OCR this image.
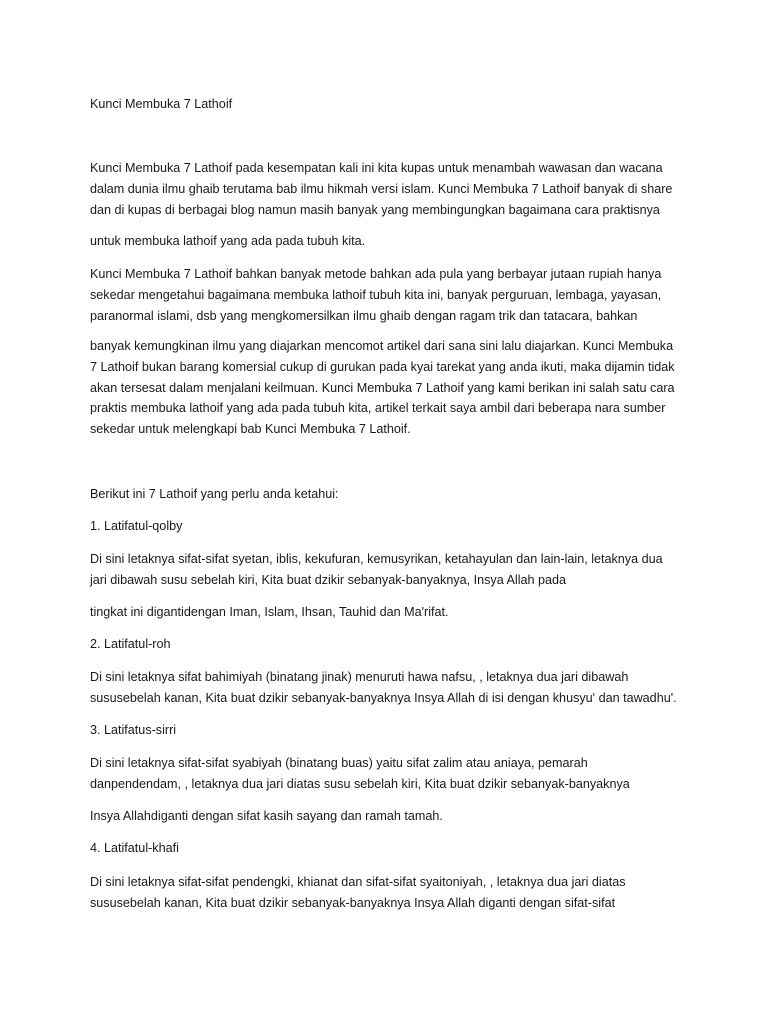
Kunci Membuka 7 Lathoif

Kunci Membuka 7 Lathoif pada kesempatan kali ini kita kupas untuk menambah wawasan dan wacana
dalam dunia ilmu ghaib terutama bab ilmu hikmah versi islam. Kunci Membuka 7 Lathoif banyak di share
dan di kupas di berbagai blog namun masih banyak yang membingungkan bagaimana cara praktisnya

untuk membuka lathoif yang ada pada tubuh kita.

Kunci Membuka 7 Lathoif bahkan banyak metode bahkan ada pula yang berbayar jutaan rupiah hanya
sekedar mengetahui bagaimana membuka lathoif tubuh kita ini, banyak perguruan, lembaga, yayasan,
paranormal islami, dsb yang mengkomersilkan ilmu ghaib dengan ragam trik dan tatacara, bahkan

banyak kemungkinan ilmu yang diajarkan mencomot artikel dari sana sini lalu diajarkan. Kunci Membuka
7 Lathoif bukan barang komersial cukup di gurukan pada kyai tarekat yang anda ikuti, maka dijamin tidak
akan tersesat dalam menjalani keilmuan. Kunci Membuka 7 Lathoif yang kami berikan ini salah satu cara
praktis membuka lathoif yang ada pada tubuh kita, artikel terkait saya ambil dari beberapa nara sumber
sekedar untuk melengkapi bab Kunci Membuka 7 Lathoif.

Berikut ini 7 Lathoif yang perlu anda ketahui:

1. Latifatul-qolby

Di sini letaknya sifat-sifat syetan, iblis, kekufuran, kemusyrikan, ketahayulan dan lain-lain, letaknya dua
jari dibawah susu sebelah kiri, Kita buat dzikir sebanyak-banyaknya, Insya Allah pada

tingkat ini digantidengan Iman, Islam, Ihsan, Tauhid dan Ma'rifat.

2. Latifatul-roh

Di sini letaknya sifat bahimiyah (binatang jinak) menuruti hawa nafsu, , letaknya dua jari dibawah
sususebelah kanan, Kita buat dzikir sebanyak-banyaknya Insya Allah di isi dengan khusyu' dan tawadhu'.

3. Latifatus-sirri

Di sini letaknya sifat-sifat syabiyah (binatang buas) yaitu sifat zalim atau aniaya, pemarah
danpendendam, , letaknya dua jari diatas susu sebelah kiri, Kita buat dzikir sebanyak-banyaknya

Insya Allahdiganti dengan sifat kasih sayang dan ramah tamah.

4. Latifatul-khafi

Di sini letaknya sifat-sifat pendengki, khianat dan sifat-sifat syaitoniyah, , letaknya dua jari diatas
sususebelah kanan, Kita buat dzikir sebanyak-banyaknya Insya Allah diganti dengan sifat-sifat
